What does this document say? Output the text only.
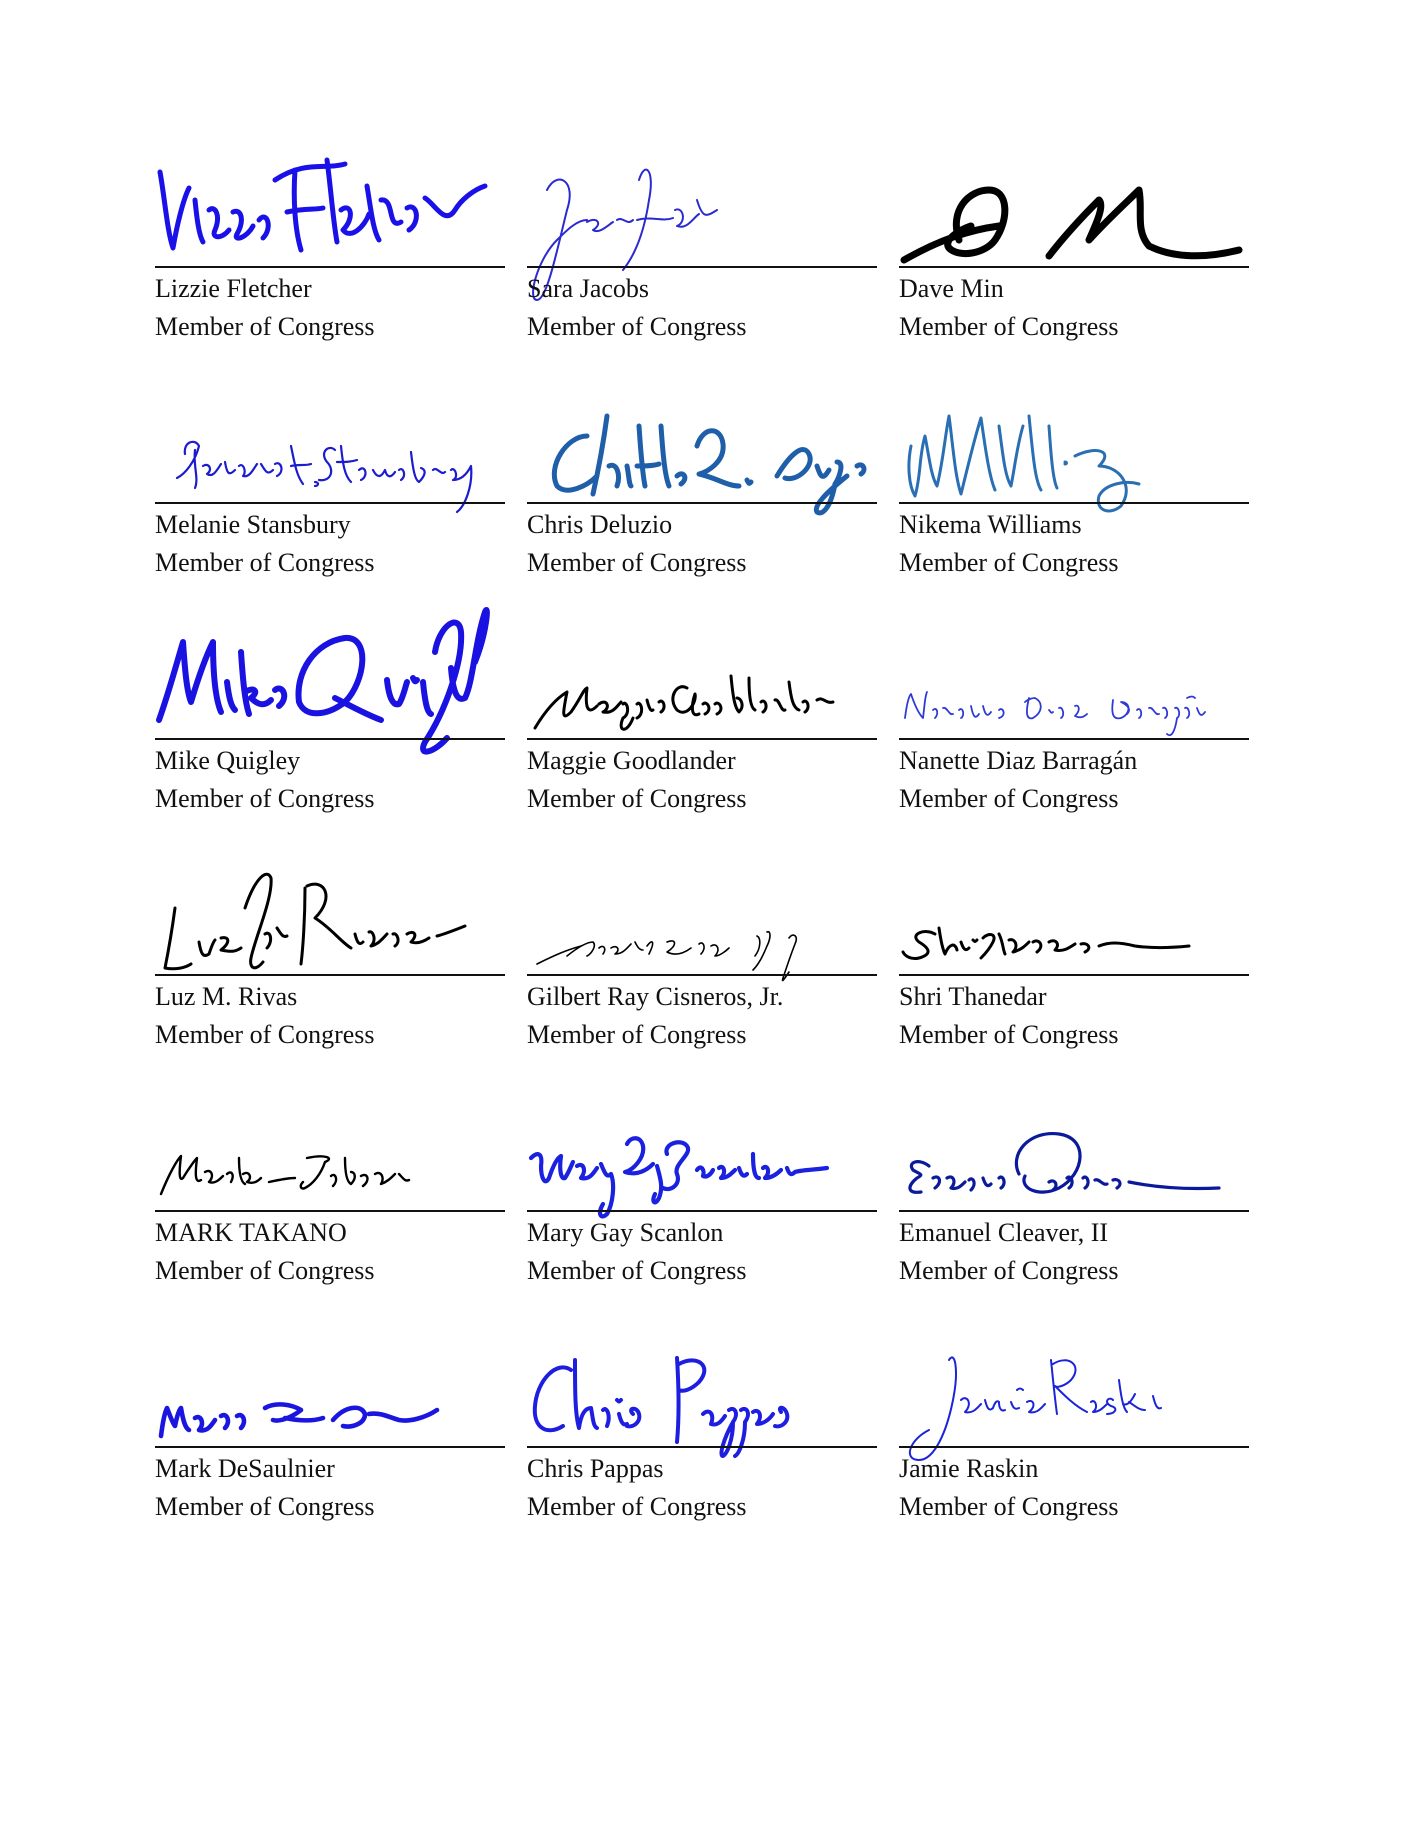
Lizzie Fletcher
Member of Congress
Sara Jacobs
Member of Congress
Dave Min
Member of Congress
Melanie Stansbury
Member of Congress
Chris Deluzio
Member of Congress
Nikema Williams
Member of Congress
Mike Quigley
Member of Congress
Maggie Goodlander
Member of Congress
Nanette Diaz Barragán
Member of Congress
Luz M. Rivas
Member of Congress
Gilbert Ray Cisneros, Jr.
Member of Congress
Shri Thanedar
Member of Congress
MARK TAKANO
Member of Congress
Mary Gay Scanlon
Member of Congress
Emanuel Cleaver, II
Member of Congress
Mark DeSaulnier
Member of Congress
Chris Pappas
Member of Congress
Jamie Raskin
Member of Congress
